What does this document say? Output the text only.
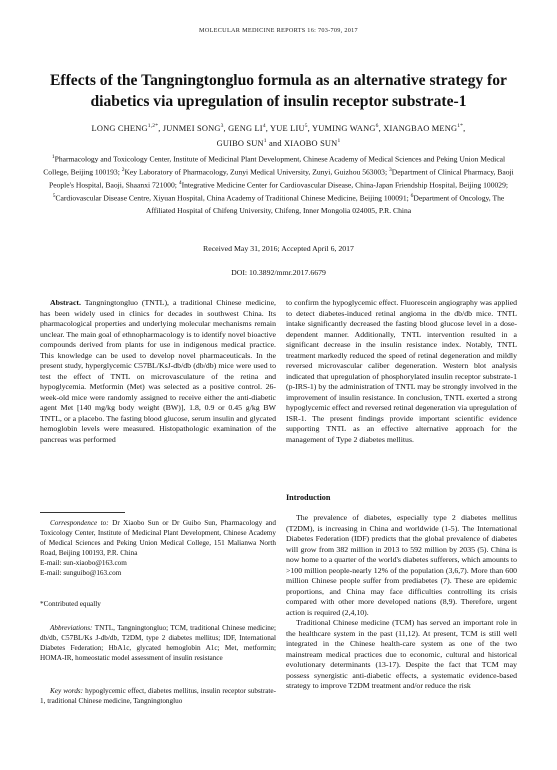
MOLECULAR MEDICINE REPORTS 16: 703-709, 2017
Effects of the Tangningtongluo formula as an alternative strategy for diabetics via upregulation of insulin receptor substrate-1
LONG $CHENG^{1,2*}$, JUNMEI SONG$^3$, GENG $LI^4$, YUE LIU$^5$, YUMING WANG$^6$, XIANGBAO $MENG^{1*}$,
GUIBO SUN$^1$ and XIAOBO SUN$^1$
$^1$Pharmacology and Toxicology Center, Institute of Medicinal Plant Development, Chinese Academy of Medical Sciences and Peking Union Medical College, Beijing 100193; $^2$Key Laboratory of Pharmacology, Zunyi Medical University, Zunyi, Guizhou 563003; $^3$Department of Clinical Pharmacy, Baoji People's Hospital, Baoji, Shaanxi 721000; $^4$Integrative Medicine Center for Cardiovascular Disease, China-Japan Friendship Hospital, Beijing 100029; $^5$Cardiovascular Disease Centre, Xiyuan Hospital, China Academy of Traditional Chinese Medicine, Beijing 100091; $^6$Department of Oncology, The Affiliated Hospital of Chifeng University, Chifeng, Inner Mongolia 024005, P.R. China
Received May 31, 2016; Accepted April 6, 2017
DOI: 10.3892/mmr.2017.6679

Abstract. Tangningtongluo (TNTL), a traditional Chinese medicine, has been widely used in clinics for decades in southwest China. Its pharmacological properties and underlying molecular mechanisms remain unclear. The main goal of ethnopharmacology is to identify novel bioactive compounds derived from plants for use in indigenous medical practice. This knowledge can be used to develop novel pharmaceuticals. In the present study, hyperglycemic C57BL/KsJ-db/db (db/db) mice were used to test the effect of TNTL on microvasculature of the retina and hypoglycemia. Metformin (Met) was selected as a positive control. 26-week-old mice were randomly assigned to receive either the anti-diabetic agent Met [140 mg/kg body weight (BW)], 1.8, 0.9 or 0.45 g/kg BW TNTL, or a placebo. The fasting blood glucose, serum insulin and glycated hemoglobin levels were measured. Histopathologic examination of the pancreas was performed

to confirm the hypoglycemic effect. Fluorescein angiography was applied to detect diabetes-induced retinal angioma in the db/db mice. TNTL intake significantly decreased the fasting blood glucose level in a dose-dependent manner. Additionally, TNTL intervention resulted in a significant decrease in the insulin resistance index. Notably, TNTL treatment markedly reduced the speed of retinal degeneration and mildly reversed microvascular caliber degeneration. Western blot analysis indicated that upregulation of phosphorylated insulin receptor substrate-1 (p-IRS-1) by the administration of TNTL may be strongly involved in the improvement of insulin resistance. In conclusion, TNTL exerted a strong hypoglycemic effect and reversed retinal degeneration via upregulation of ISR-1. The present findings provide important scientific evidence supporting TNTL as an effective alternative approach for the management of Type 2 diabetes mellitus.

Correspondence to: Dr Xiaobo Sun or Dr Guibo Sun, Pharmacology and Toxicology Center, Institute of Medicinal Plant Development, Chinese Academy of Medical Sciences and Peking Union Medical College, 151 Malianwa North Road, Beijing 100193, P.R. China

E-mail: sun-xiaobo@163.com

E-mail: sunguibo@163.com

*Contributed equally

Abbreviations: TNTL, Tangningtongluo; TCM, traditional Chinese medicine; db/db, C57BL/Ks J-db/db, T2DM, type 2 diabetes mellitus; IDF, International Diabetes Federation; HbA1c, glycated hemoglobin A1c; Met, metformin; HOMA-IR, homeostatic model assessment of insulin resistance

Key words: hypoglycemic effect, diabetes mellitus, insulin receptor substrate-1, traditional Chinese medicine, Tangningtongluo

Introduction

The prevalence of diabetes, especially type 2 diabetes mellitus (T2DM), is increasing in China and worldwide (1-5). The International Diabetes Federation (IDF) predicts that the global prevalence of diabetes will grow from 382 million in 2013 to 592 million by 2035 (5). China is now home to a quarter of the world's diabetes sufferers, which amounts to >100 million people-nearly 12% of the population (3,6,7). More than 600 million Chinese people suffer from prediabetes (7). These are epidemic proportions, and China may face difficulties controlling its crisis compared with other more developed nations (8,9). Therefore, urgent action is required (2,4,10).

Traditional Chinese medicine (TCM) has served an important role in the healthcare system in the past (11,12). At present, TCM is still well integrated in the Chinese health-care system as one of the two mainstream medical practices due to economic, cultural and historical evolutionary determinants (13-17). Despite the fact that TCM may possess synergistic anti-diabetic effects, a systematic evidence-based strategy to improve T2DM treatment and/or reduce the risk
